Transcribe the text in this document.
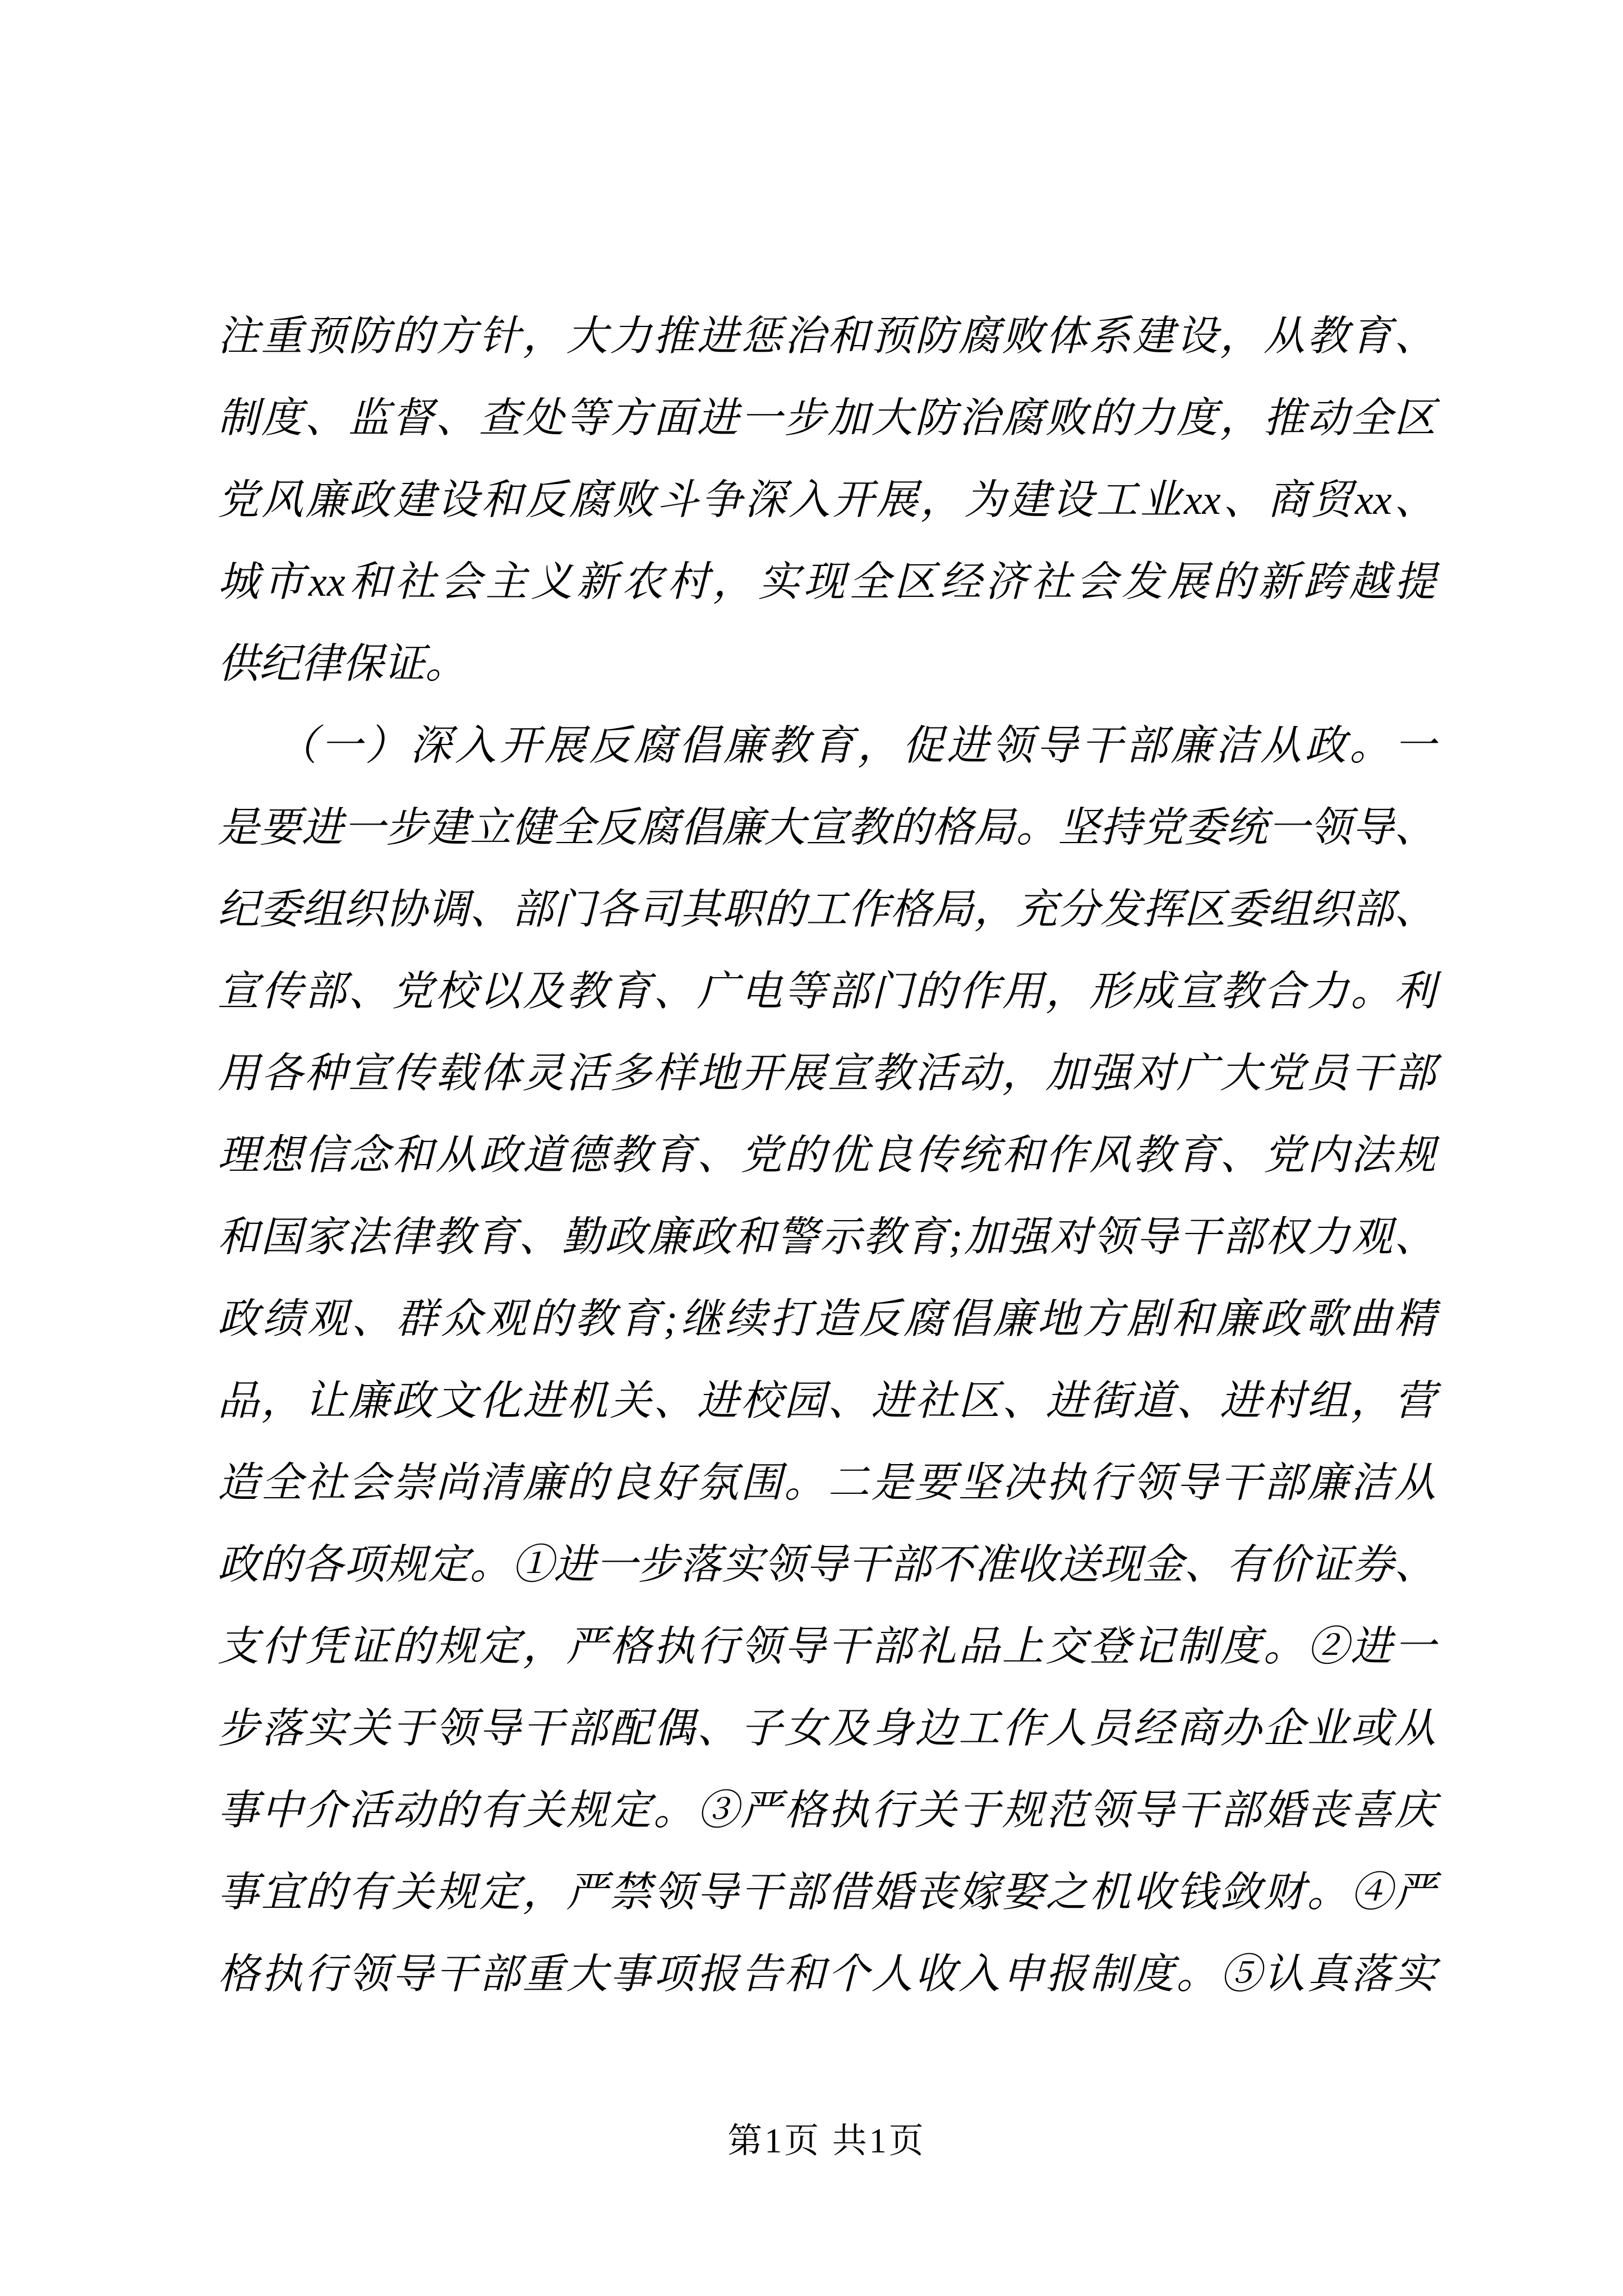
注重预防的方针，大力推进惩治和预防腐败体系建设，从教育、
制度、监督、查处等方面进一步加大防治腐败的力度，推动全区
党风廉政建设和反腐败斗争深入开展，为建设工业xx、商贸xx、
城市xx和社会主义新农村，实现全区经济社会发展的新跨越提
供纪律保证。
（一）深入开展反腐倡廉教育，促进领导干部廉洁从政。一
是要进一步建立健全反腐倡廉大宣教的格局。坚持党委统一领导、
纪委组织协调、部门各司其职的工作格局，充分发挥区委组织部、
宣传部、党校以及教育、广电等部门的作用，形成宣教合力。利
用各种宣传载体灵活多样地开展宣教活动，加强对广大党员干部
理想信念和从政道德教育、党的优良传统和作风教育、党内法规
和国家法律教育、勤政廉政和警示教育;加强对领导干部权力观、
政绩观、群众观的教育;继续打造反腐倡廉地方剧和廉政歌曲精
品，让廉政文化进机关、进校园、进社区、进街道、进村组，营
造全社会崇尚清廉的良好氛围。二是要坚决执行领导干部廉洁从
政的各项规定。①进一步落实领导干部不准收送现金、有价证券、
支付凭证的规定，严格执行领导干部礼品上交登记制度。②进一
步落实关于领导干部配偶、子女及身边工作人员经商办企业或从
事中介活动的有关规定。③严格执行关于规范领导干部婚丧喜庆
事宜的有关规定，严禁领导干部借婚丧嫁娶之机收钱敛财。④严
格执行领导干部重大事项报告和个人收入申报制度。⑤认真落实
第1页 共1页
